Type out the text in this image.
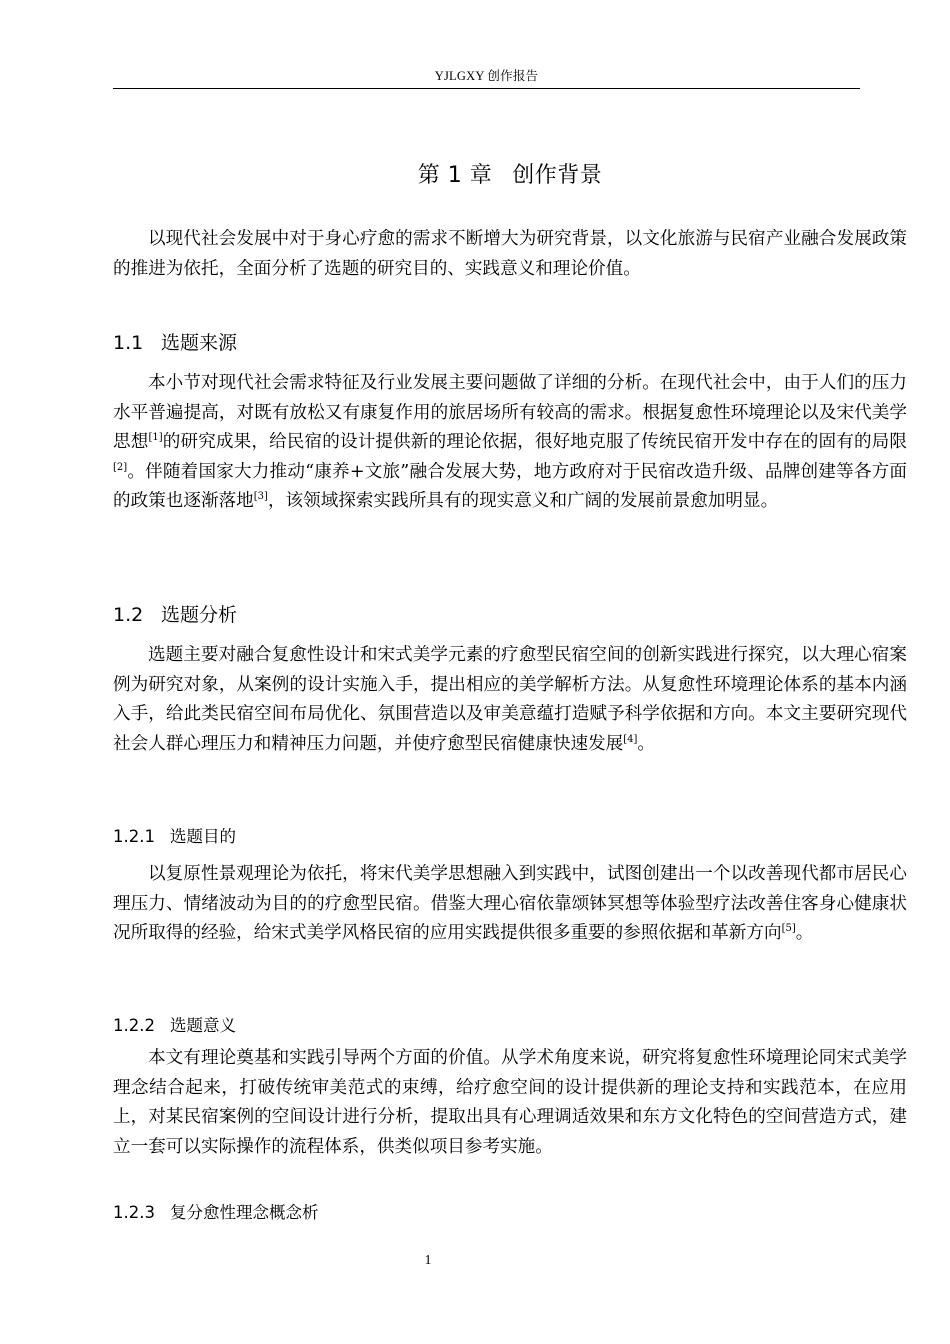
YJLGXY 创作报告
第 1 章 创作背景

以现代社会发展中对于身心疗愈的需求不断增大为研究背景，以文化旅游与民宿产业融合发展政策的推进为依托，全面分析了选题的研究目的、实践意义和理论价值。

1.1 选题来源

本小节对现代社会需求特征及行业发展主要问题做了详细的分析。在现代社会中，由于人们的压力水平普遍提高，对既有放松又有康复作用的旅居场所有较高的需求。根据复愈性环境理论以及宋代美学思想[1]的研究成果，给民宿的设计提供新的理论依据，很好地克服了传统民宿开发中存在的固有的局限[2]。伴随着国家大力推动“康养+文旅”融合发展大势，地方政府对于民宿改造升级、品牌创建等各方面的政策也逐渐落地[3]，该领域探索实践所具有的现实意义和广阔的发展前景愈加明显。

1.2 选题分析

选题主要对融合复愈性设计和宋式美学元素的疗愈型民宿空间的创新实践进行探究，以大理心宿案例为研究对象，从案例的设计实施入手，提出相应的美学解析方法。从复愈性环境理论体系的基本内涵入手，给此类民宿空间布局优化、氛围营造以及审美意蕴打造赋予科学依据和方向。本文主要研究现代社会人群心理压力和精神压力问题，并使疗愈型民宿健康快速发展[4]。

1.2.1 选题目的

以复原性景观理论为依托，将宋代美学思想融入到实践中，试图创建出一个以改善现代都市居民心理压力、情绪波动为目的的疗愈型民宿。借鉴大理心宿依靠颂钵冥想等体验型疗法改善住客身心健康状况所取得的经验，给宋式美学风格民宿的应用实践提供很多重要的参照依据和革新方向[5]。

1.2.2 选题意义

本文有理论奠基和实践引导两个方面的价值。从学术角度来说，研究将复愈性环境理论同宋式美学理念结合起来，打破传统审美范式的束缚，给疗愈空间的设计提供新的理论支持和实践范本，在应用上，对某民宿案例的空间设计进行分析，提取出具有心理调适效果和东方文化特色的空间营造方式，建立一套可以实际操作的流程体系，供类似项目参考实施。

1.2.3 复分愈性理念概念析
1
